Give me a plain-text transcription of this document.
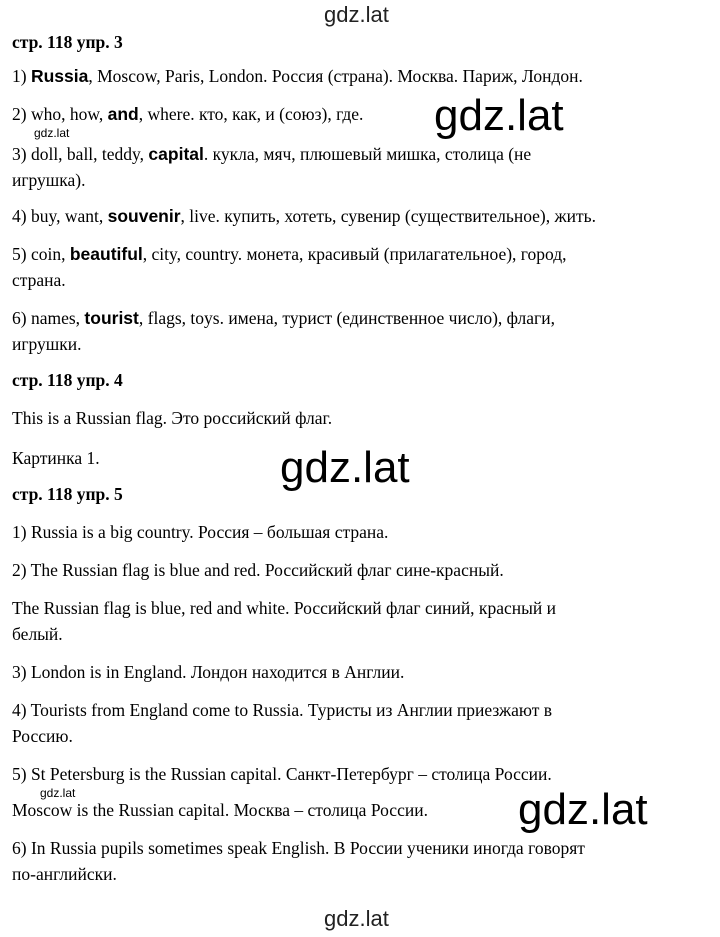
gdz.lat
стр. 118 упр. 3
1) Russia, Moscow, Paris, London. Россия (страна). Москва. Париж, Лондон.
2) who, how, and, where. кто, как, и (союз), где. gdz.lat
gdz.lat
3) doll, ball, teddy, capital. кукла, мяч, плюшевый мишка, столица (не
игрушка).
4) buy, want, souvenir, live. купить, хотеть, сувенир (существительное), жить.
5) coin, beautiful, city, country. монета, красивый (прилагательное), город,
страна.
6) names, tourist, flags, toys. имена, турист (единственное число), флаги,
игрушки.
стр. 118 упр. 4
This is a Russian flag. Это российский флаг.
Картинка 1.	gdz.lat
стр. 118 упр. 5
1) Russia is a big country. Россия – большая страна.
2) The Russian flag is blue and red. Российский флаг сине-красный.
The Russian flag is blue, red and white. Российский флаг синий, красный и
белый.
3) London is in England. Лондон находится в Англии.
4) Tourists from England come to Russia. Туристы из Англии приезжают в
Россию.
5) St Petersburg is the Russian capital. Санкт-Петербург – столица России.
gdz.lat
Moscow is the Russian capital. Москва – столица России. gdz.lat
6) In Russia pupils sometimes speak English. В России ученики иногда говорят
по-английски.
gdz.lat
